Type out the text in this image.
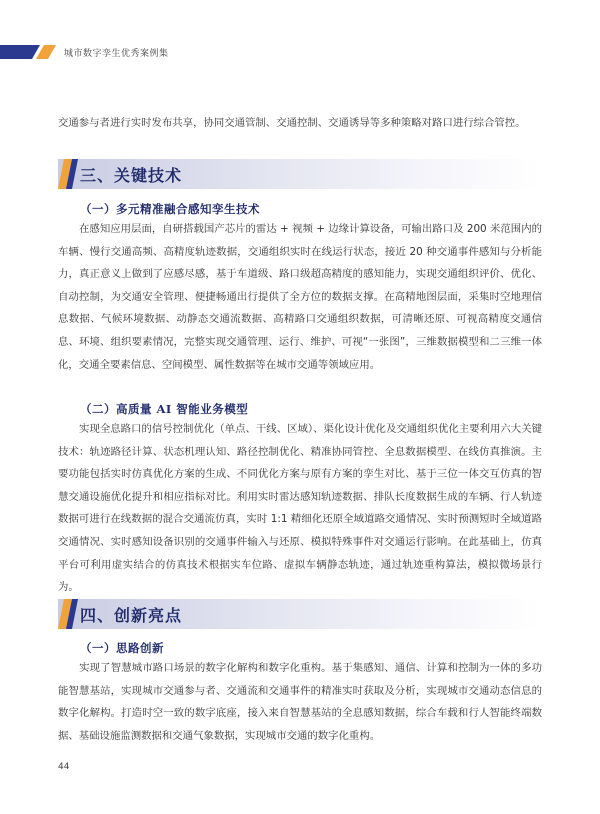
城市数字孪生优秀案例集

交通参与者进行实时发布共享，协同交通管制、交通控制、交通诱导等多种策略对路口进行综合管控。

三、关键技术
（一）多元精准融合感知孪生技术

在感知应用层面，自研搭载国产芯片的雷达 + 视频 + 边缘计算设备，可输出路口及 200 米范围内的车辆、慢行交通高频、高精度轨迹数据，交通组织实时在线运行状态，接近 20 种交通事件感知与分析能力，真正意义上做到了应感尽感，基于车道级、路口级超高精度的感知能力，实现交通组织评价、优化、自动控制，为交通安全管理、便捷畅通出行提供了全方位的数据支撑。在高精地图层面，采集时空地理信息数据、气候环境数据、动静态交通流数据、高精路口交通组织数据，可清晰还原、可视高精度交通信息、环境、组织要素情况，完整实现交通管理、运行、维护、可视“一张图”，三维数据模型和二三维一体化，交通全要素信息、空间模型、属性数据等在城市交通等领域应用。

（二）高质量 AI 智能业务模型

实现全息路口的信号控制优化（单点、干线、区域）、渠化设计优化及交通组织优化主要利用六大关键技术：轨迹路径计算、状态机理认知、路径控制优化、精准协同管控、全息数据模型、在线仿真推演。主要功能包括实时仿真优化方案的生成、不同优化方案与原有方案的孪生对比、基于三位一体交互仿真的智慧交通设施优化提升和相应指标对比。利用实时雷达感知轨迹数据、排队长度数据生成的车辆、行人轨迹数据可进行在线数据的混合交通流仿真，实时 1:1 精细化还原全域道路交通情况、实时预测短时全域道路交通情况、实时感知设备识别的交通事件输入与还原、模拟特殊事件对交通运行影响。在此基础上，仿真平台可利用虚实结合的仿真技术根据实车位路、虚拟车辆静态轨迹，通过轨迹重构算法，模拟微场景行为。

四、创新亮点
（一）思路创新

实现了智慧城市路口场景的数字化解构和数字化重构。基于集感知、通信、计算和控制为一体的多功能智慧基站，实现城市交通参与者、交通流和交通事件的精准实时获取及分析，实现城市交通动态信息的数字化解构。打造时空一致的数字底座，接入来自智慧基站的全息感知数据，综合车载和行人智能终端数据、基础设施监测数据和交通气象数据，实现城市交通的数字化重构。

44
